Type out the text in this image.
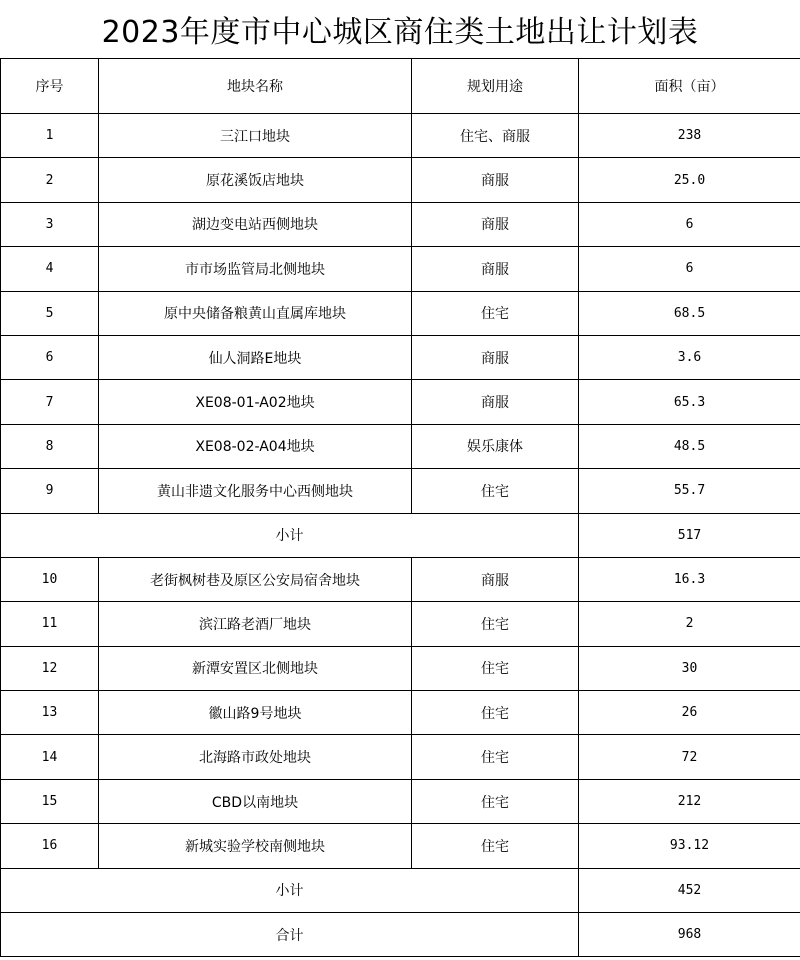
2023年度市中心城区商住类土地出让计划表
序号	地块名称	规划用途	面积（亩）
1	三江口地块	住宅、商服	238
2	原花溪饭店地块	商服	25.0
3	湖边变电站西侧地块	商服	6
4	市市场监管局北侧地块	商服	6
5	原中央储备粮黄山直属库地块	住宅	68.5
6	仙人洞路E地块	商服	3.6
7	XE08-01-A02地块	商服	65.3
8	XE08-02-A04地块	娱乐康体	48.5
9	黄山非遗文化服务中心西侧地块	住宅	55.7
小计			517
10	老街枫树巷及原区公安局宿舍地块	商服	16.3
11	滨江路老酒厂地块	住宅	2
12	新潭安置区北侧地块	住宅	30
13	徽山路9号地块	住宅	26
14	北海路市政处地块	住宅	72
15	CBD以南地块	住宅	212
16	新城实验学校南侧地块	住宅	93.12
小计			452
合计			968
